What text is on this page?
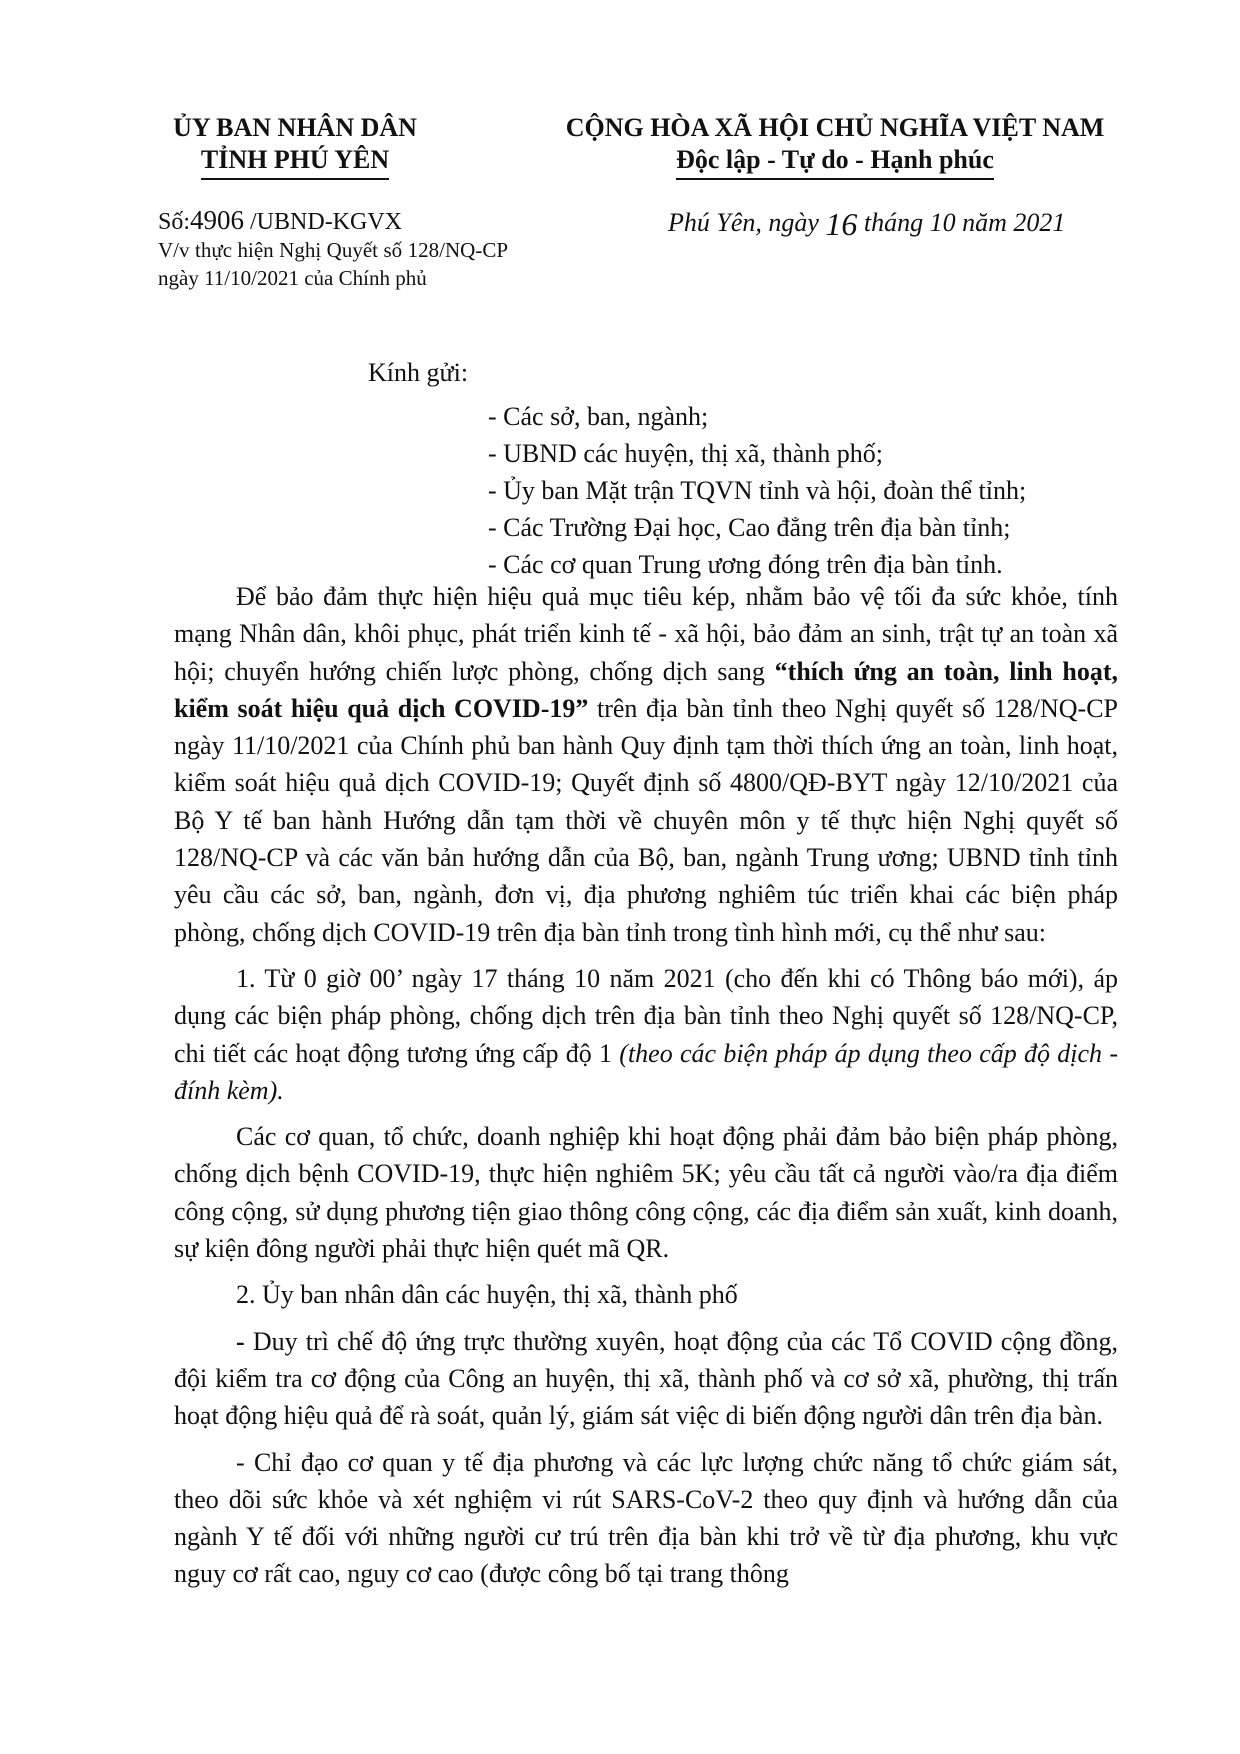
ỦY BAN NHÂN DÂN
TỈNH PHÚ YÊN
CỘNG HÒA XÃ HỘI CHỦ NGHĨA VIỆT NAM
Độc lập - Tự do - Hạnh phúc
Số:4906 /UBND-KGVX
V/v thực hiện Nghị Quyết số 128/NQ-CP ngày 11/10/2021 của Chính phủ
Phú Yên, ngày 16 tháng 10 năm 2021
Kính gửi:
- Các sở, ban, ngành;
- UBND các huyện, thị xã, thành phố;
- Ủy ban Mặt trận TQVN tỉnh và hội, đoàn thể tỉnh;
- Các Trường Đại học, Cao đẳng trên địa bàn tỉnh;
- Các cơ quan Trung ương đóng trên địa bàn tỉnh.

Để bảo đảm thực hiện hiệu quả mục tiêu kép, nhằm bảo vệ tối đa sức khỏe, tính mạng Nhân dân, khôi phục, phát triển kinh tế - xã hội, bảo đảm an sinh, trật tự an toàn xã hội; chuyển hướng chiến lược phòng, chống dịch sang “thích ứng an toàn, linh hoạt, kiểm soát hiệu quả dịch COVID-19” trên địa bàn tỉnh theo Nghị quyết số 128/NQ-CP ngày 11/10/2021 của Chính phủ ban hành Quy định tạm thời thích ứng an toàn, linh hoạt, kiểm soát hiệu quả dịch COVID-19; Quyết định số 4800/QĐ-BYT ngày 12/10/2021 của Bộ Y tế ban hành Hướng dẫn tạm thời về chuyên môn y tế thực hiện Nghị quyết số 128/NQ-CP và các văn bản hướng dẫn của Bộ, ban, ngành Trung ương; UBND tỉnh tỉnh yêu cầu các sở, ban, ngành, đơn vị, địa phương nghiêm túc triển khai các biện pháp phòng, chống dịch COVID-19 trên địa bàn tỉnh trong tình hình mới, cụ thể như sau:

1. Từ 0 giờ 00’ ngày 17 tháng 10 năm 2021 (cho đến khi có Thông báo mới), áp dụng các biện pháp phòng, chống dịch trên địa bàn tỉnh theo Nghị quyết số 128/NQ-CP, chi tiết các hoạt động tương ứng cấp độ 1 (theo các biện pháp áp dụng theo cấp độ dịch - đính kèm).

Các cơ quan, tổ chức, doanh nghiệp khi hoạt động phải đảm bảo biện pháp phòng, chống dịch bệnh COVID-19, thực hiện nghiêm 5K; yêu cầu tất cả người vào/ra địa điểm công cộng, sử dụng phương tiện giao thông công cộng, các địa điểm sản xuất, kinh doanh, sự kiện đông người phải thực hiện quét mã QR.

2. Ủy ban nhân dân các huyện, thị xã, thành phố

- Duy trì chế độ ứng trực thường xuyên, hoạt động của các Tổ COVID cộng đồng, đội kiểm tra cơ động của Công an huyện, thị xã, thành phố và cơ sở xã, phường, thị trấn hoạt động hiệu quả để rà soát, quản lý, giám sát việc di biến động người dân trên địa bàn.

- Chỉ đạo cơ quan y tế địa phương và các lực lượng chức năng tổ chức giám sát, theo dõi sức khỏe và xét nghiệm vi rút SARS-CoV-2 theo quy định và hướng dẫn của ngành Y tế đối với những người cư trú trên địa bàn khi trở về từ địa phương, khu vực nguy cơ rất cao, nguy cơ cao (được công bố tại trang thông
